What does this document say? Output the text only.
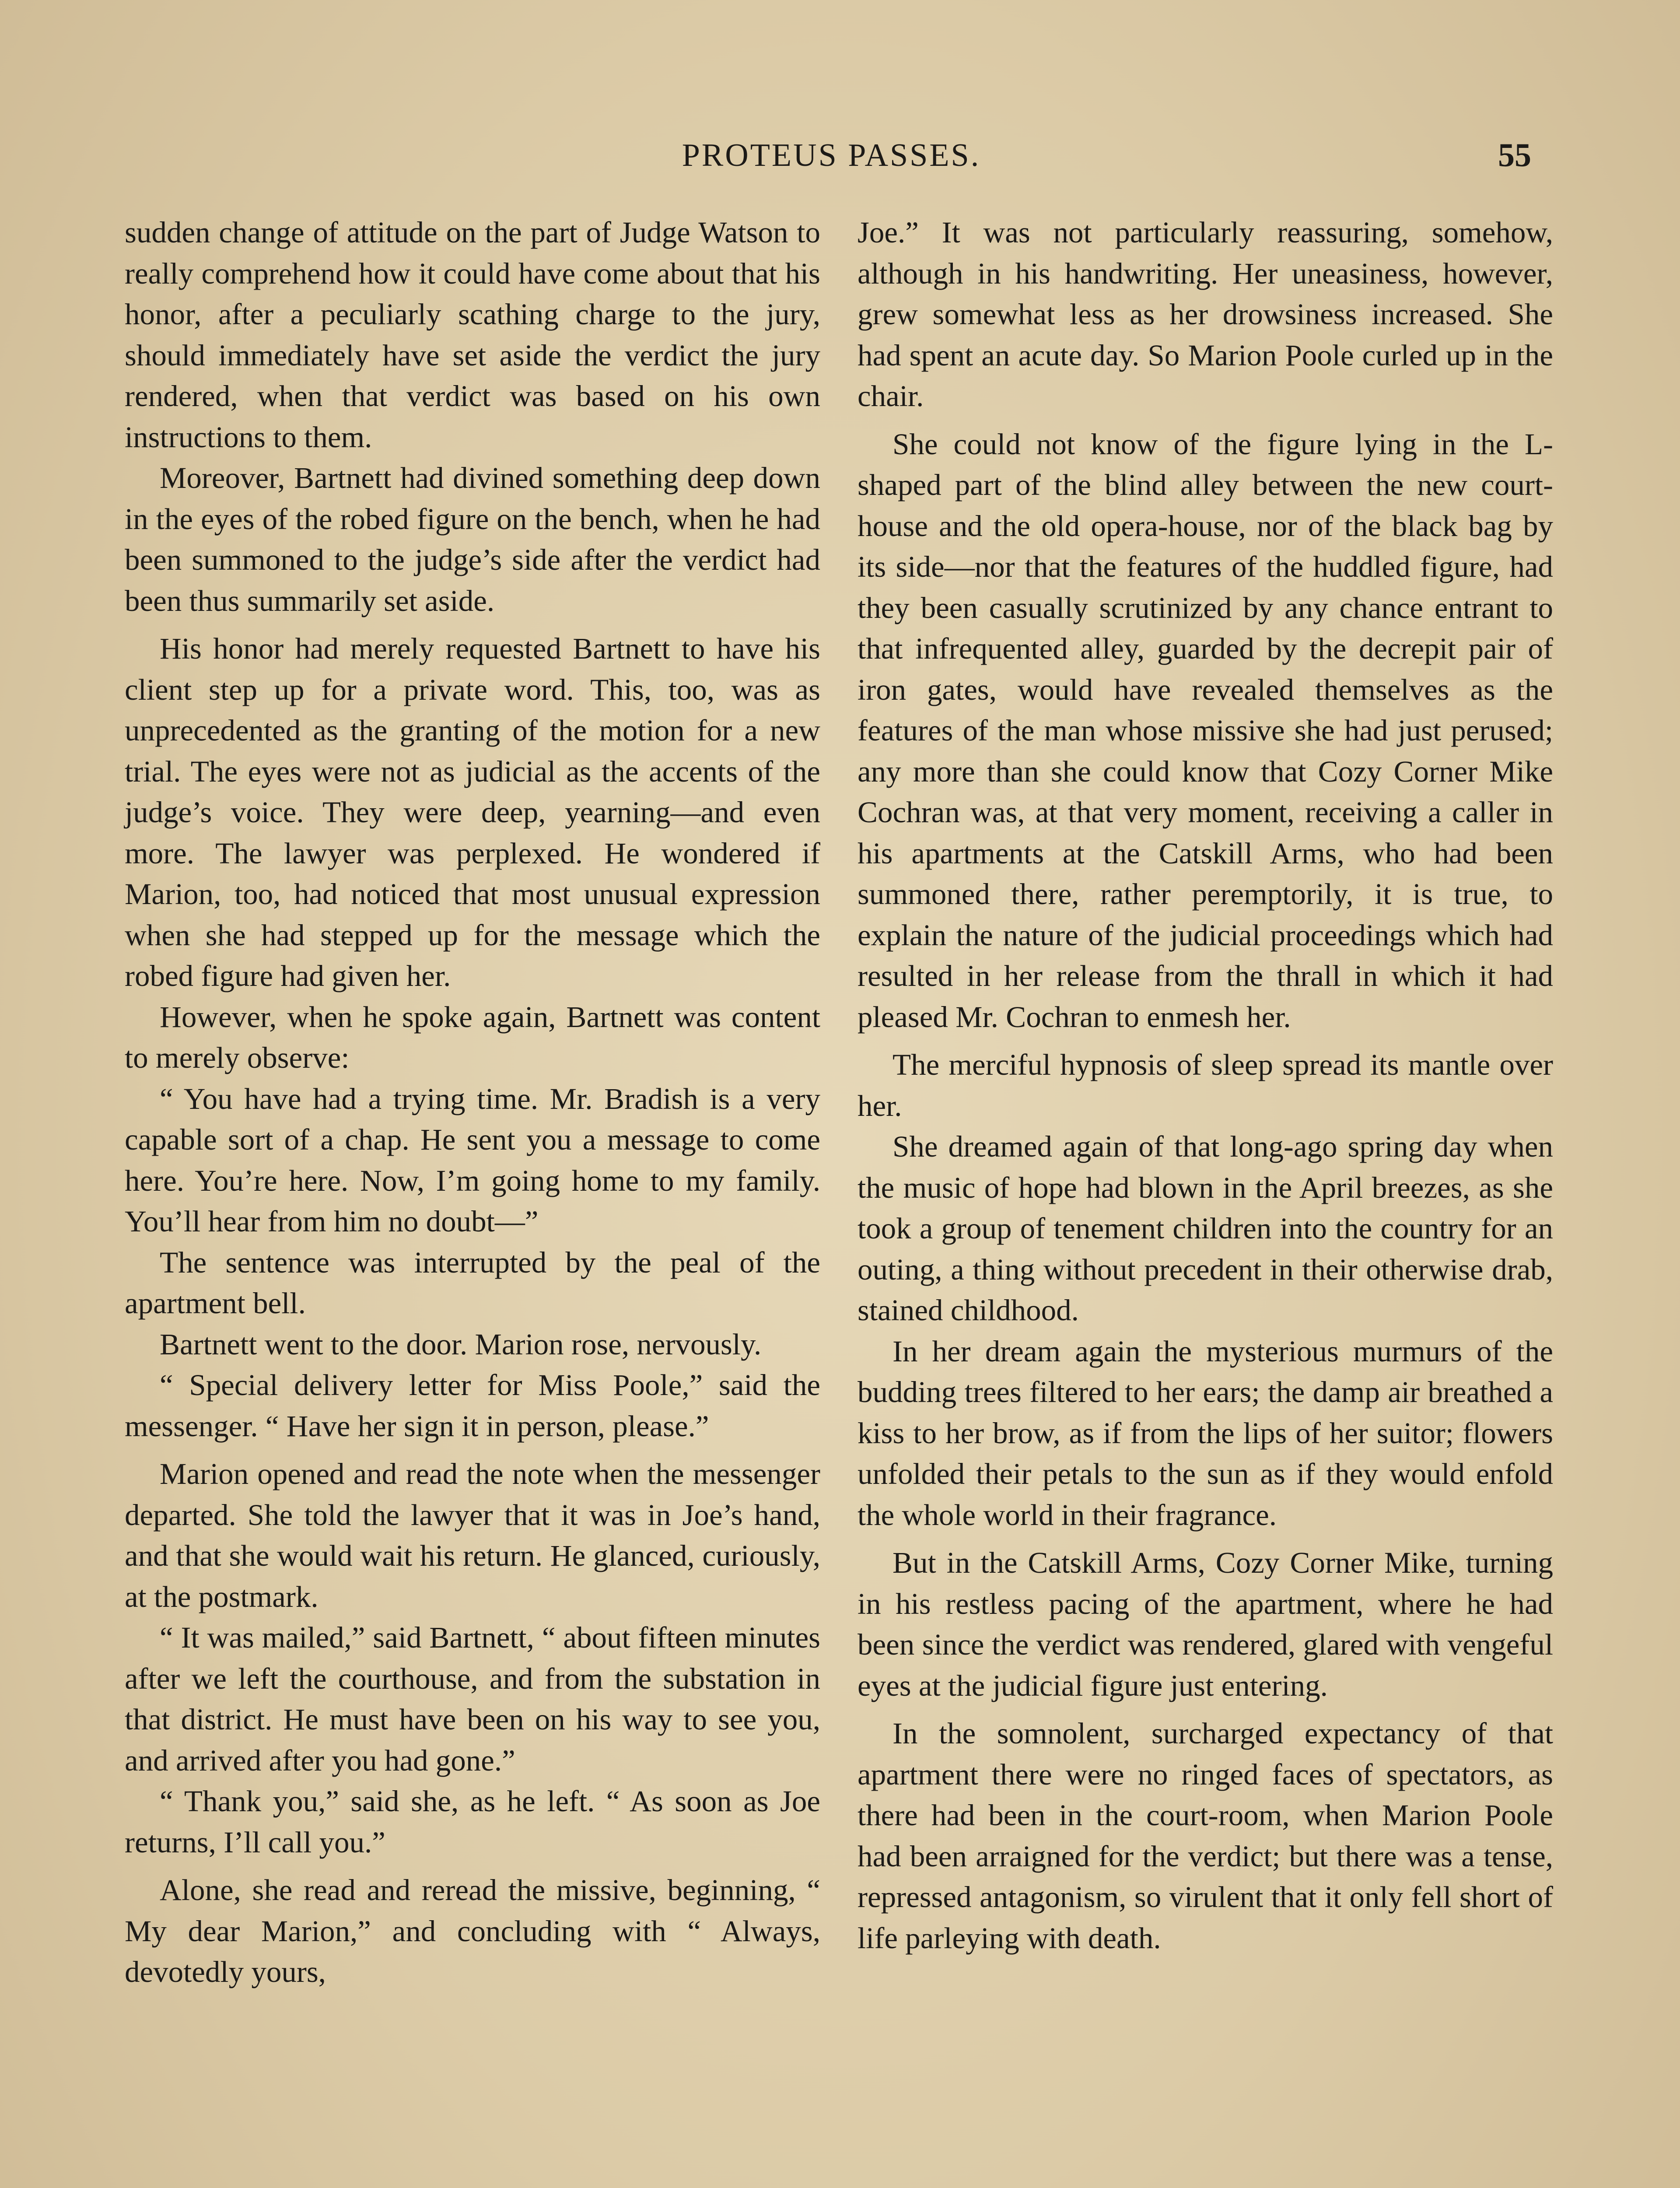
PROTEUS PASSES.	55

sudden change of attitude on the part of Judge Watson to really comprehend how it could have come about that his honor, after a peculiarly scathing charge to the jury, should immediately have set aside the verdict the jury rendered, when that verdict was based on his own instructions to them.

Moreover, Bartnett had divined something deep down in the eyes of the robed figure on the bench, when he had been summoned to the judge’s side after the verdict had been thus summarily set aside.

His honor had merely requested Bartnett to have his client step up for a private word. This, too, was as unprecedented as the granting of the motion for a new trial. The eyes were not as judicial as the accents of the judge’s voice. They were deep, yearning—and even more. The lawyer was perplexed. He wondered if Marion, too, had noticed that most unusual expression when she had stepped up for the message which the robed figure had given her.

However, when he spoke again, Bartnett was content to merely observe:

“ You have had a trying time. Mr. Bradish is a very capable sort of a chap. He sent you a message to come here. You’re here. Now, I’m going home to my family. You’ll hear from him no doubt—”

The sentence was interrupted by the peal of the apartment bell.

Bartnett went to the door. Marion rose, nervously.

“ Special delivery letter for Miss Poole,” said the messenger. “ Have her sign it in person, please.”

Marion opened and read the note when the messenger departed. She told the lawyer that it was in Joe’s hand, and that she would wait his return. He glanced, curiously, at the postmark.

“ It was mailed,” said Bartnett, “ about fifteen minutes after we left the courthouse, and from the substation in that district. He must have been on his way to see you, and arrived after you had gone.”

“ Thank you,” said she, as he left. “ As soon as Joe returns, I’ll call you.”

Alone, she read and reread the missive, beginning, “ My dear Marion,” and concluding with “ Always, devotedly yours,

Joe.” It was not particularly reassuring, somehow, although in his handwriting. Her uneasiness, however, grew somewhat less as her drowsiness increased. She had spent an acute day. So Marion Poole curled up in the chair.

She could not know of the figure lying in the L-shaped part of the blind alley between the new court-house and the old opera-house, nor of the black bag by its side—nor that the features of the huddled figure, had they been casually scrutinized by any chance entrant to that infrequented alley, guarded by the decrepit pair of iron gates, would have revealed themselves as the features of the man whose missive she had just perused; any more than she could know that Cozy Corner Mike Cochran was, at that very moment, receiving a caller in his apartments at the Catskill Arms, who had been summoned there, rather peremptorily, it is true, to explain the nature of the judicial proceedings which had resulted in her release from the thrall in which it had pleased Mr. Cochran to enmesh her.

The merciful hypnosis of sleep spread its mantle over her.

She dreamed again of that long-ago spring day when the music of hope had blown in the April breezes, as she took a group of tenement children into the country for an outing, a thing without precedent in their otherwise drab, stained childhood.

In her dream again the mysterious murmurs of the budding trees filtered to her ears; the damp air breathed a kiss to her brow, as if from the lips of her suitor; flowers unfolded their petals to the sun as if they would enfold the whole world in their fragrance.

But in the Catskill Arms, Cozy Corner Mike, turning in his restless pacing of the apartment, where he had been since the verdict was rendered, glared with vengeful eyes at the judicial figure just entering.

In the somnolent, surcharged expectancy of that apartment there were no ringed faces of spectators, as there had been in the court-room, when Marion Poole had been arraigned for the verdict; but there was a tense, repressed antagonism, so virulent that it only fell short of life parleying with death.
